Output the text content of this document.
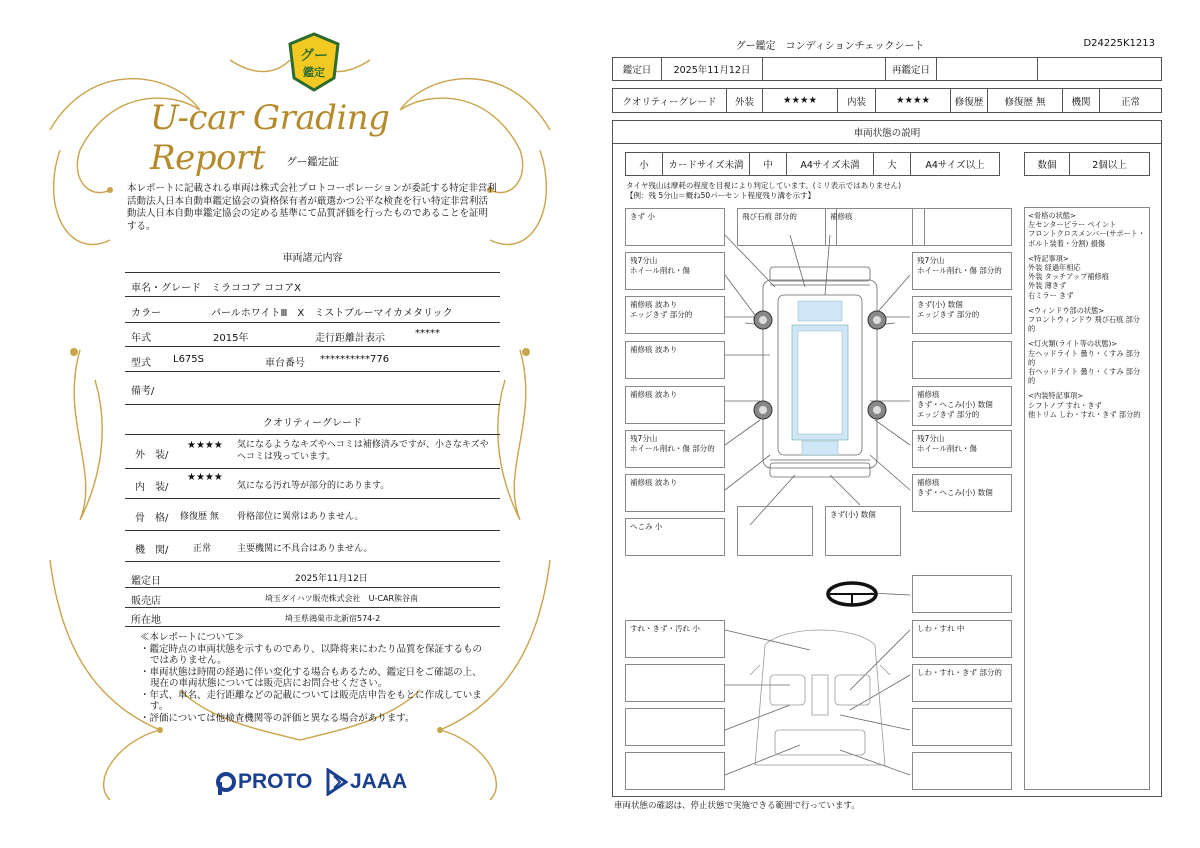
グー
鑑定
U-car Grading Report	グー鑑定証
本レポートに記載される車両は株式会社プロトコーポレーションが委託する特定非営利活動法人日本自動車鑑定協会の資格保有者が厳選かつ公平な検査を行い特定非営利活動法人日本自動車鑑定協会の定める基準にて品質評価を行ったものであることを証明する。
車両諸元内容
車名・グレード ミラココア ココアX
カラー	パールホワイトⅢ　X　ミストブルーマイカメタリック
年式	2015年	走行距離計表示	*****
型式 L675S	車台番号 **********776
備考/
クオリティーグレード
外　装/
★★★★ 気になるようなキズやヘコミは補修済みですが、小さなキズやヘコミは残っています。
内　装/
★★★★
気になる汚れ等が部分的にあります。
骨　格/ 修復歴 無 骨格部位に異常はありません。
機　関/	正常	主要機関に不具合はありません。
鑑定日	2025年11月12日
販売店	埼玉ダイハツ販売株式会社　U-CAR熊谷南
所在地	埼玉県鴻巣市北新宿574-2
≪本レポートについて≫
・鑑定時点の車両状態を示すものであり、以降将来にわたり品質を保証するものではありません。
・車両状態は時間の経過に伴い変化する場合もあるため、鑑定日をご確認の上、現在の車両状態については販売店にお問合せください。
・年式、車名、走行距離などの記載については販売店申告をもとに作成しています。
・評価については他検査機関等の評価と異なる場合があります。
PROTO JAAA
グー鑑定　コンディションチェックシート	D24225K1213
鑑定日	2025年11月12日	再鑑定日
クオリティーグレード	外装	★★★★	内装	★★★★	修復歴	修復歴 無	機関	正常
車両状態の説明
小	カードサイズ未満	中	A4サイズ未満	大	A4サイズ以上	数個	2個以上
タイヤ残山は摩耗の程度を目視により判定しています。(ミリ表示ではありません)
【例：残 5分山＝概ね50パーセント程度残り溝を示す】
きず 小	飛び石痕 部分的	補修痕
残7分山
ホイール削れ・傷
残7分山
ホイール削れ・傷 部分的
補修痕 波あり
エッジきず 部分的
きず(小) 数個
エッジきず 部分的
補修痕 波あり
補修痕 波あり	補修痕
きず・へこみ(小) 数個
エッジきず 部分的
残7分山
ホイール削れ・傷 部分的
残7分山
ホイール削れ・傷
補修痕 波あり	補修痕
きず・へこみ(小) 数個
へこみ 小
きず(小) 数個
すれ・きず・汚れ 小	しわ・すれ 中
しわ・すれ・きず 部分的
<骨格の状態>
左センターピラー ペイント
フロントクロスメンバー(サポート・ボルト装着・分割) 損傷
<特記事項>
外装 経過年相応
外装 タッチアップ補修痕
外装 薄きず
右ミラー きず
<ウィンドウ部の状態>
フロントウィンドウ 飛び石痕 部分的
<灯火類(ライト等の状態)>
左ヘッドライト 曇り・くすみ 部分的
右ヘッドライト 曇り・くすみ 部分的
<内装特記事項>
シフトノブ すれ・きず
他トリム しわ・すれ・きず 部分的
車両状態の確認は、停止状態で実施できる範囲で行っています。
